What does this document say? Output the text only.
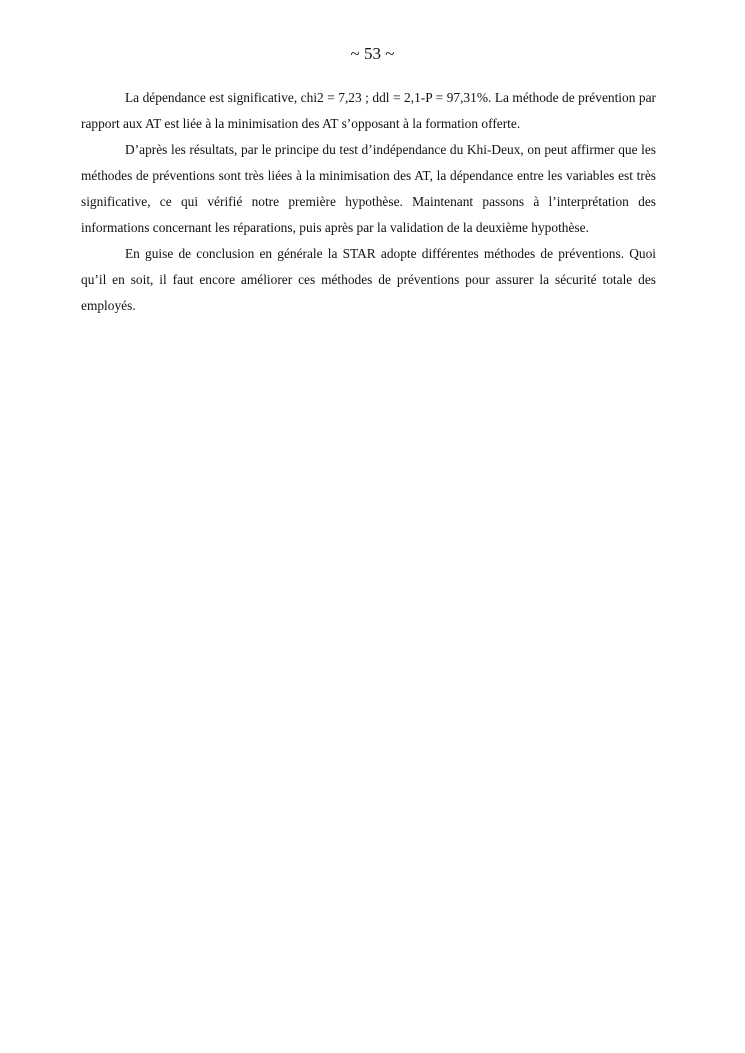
~ 53 ~

La dépendance est significative, chi2 = 7,23 ; ddl = 2,1-P = 97,31%. La méthode de prévention par rapport aux AT est liée à la minimisation des AT s’opposant à la formation offerte.

D’après les résultats, par le principe du test d’indépendance du Khi-Deux, on peut affirmer que les méthodes de préventions sont très liées à la minimisation des AT, la dépendance entre les variables est très significative, ce qui vérifié notre première hypothèse. Maintenant passons à l’interprétation des informations concernant les réparations, puis après par la validation de la deuxième hypothèse.

En guise de conclusion en générale la STAR adopte différentes méthodes de préventions. Quoi qu’il en soit, il faut encore améliorer ces méthodes de préventions pour assurer la sécurité totale des employés.
